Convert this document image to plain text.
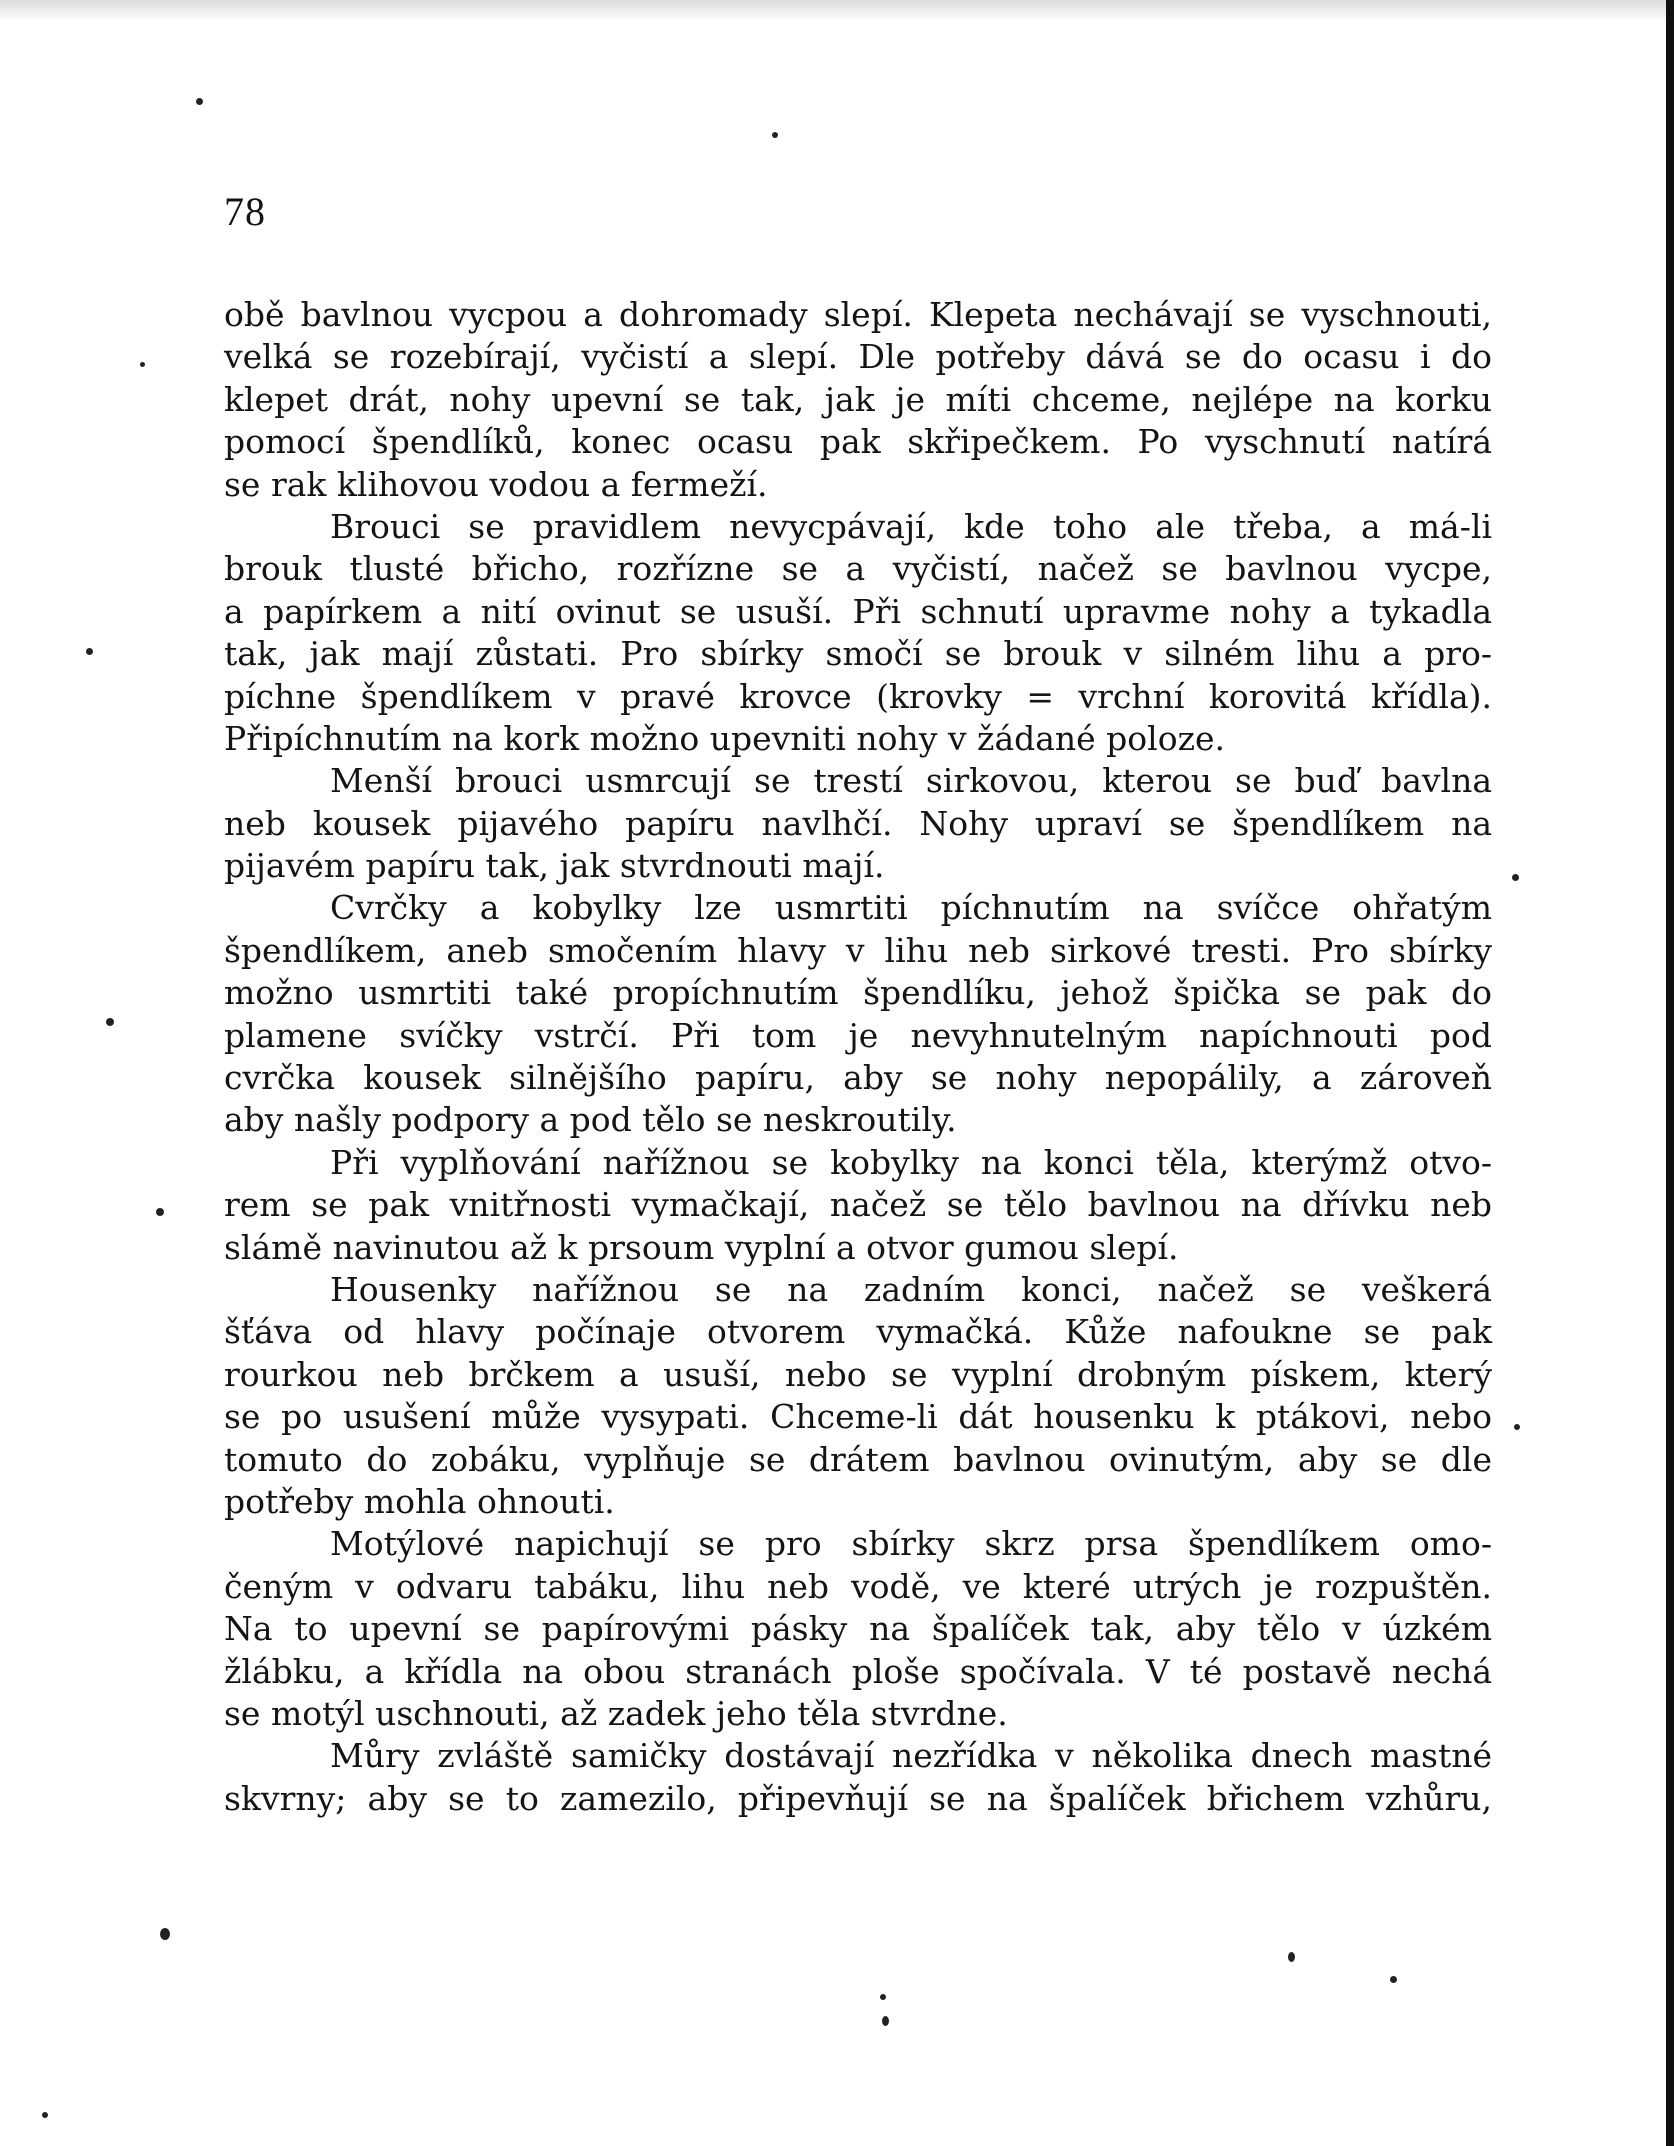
78
obě bavlnou vycpou a dohromady slepí. Klepeta nechávají se vyschnouti,
velká se rozebírají, vyčistí a slepí. Dle potřeby dává se do ocasu i do
klepet drát, nohy upevní se tak, jak je míti chceme, nejlépe na korku
pomocí špendlíků, konec ocasu pak skřipečkem. Po vyschnutí natírá
se rak klihovou vodou a fermeží.
Brouci se pravidlem nevycpávají, kde toho ale třeba, a má-li
brouk tlusté břicho, rozřízne se a vyčistí, načež se bavlnou vycpe,
a papírkem a nití ovinut se usuší. Při schnutí upravme nohy a tykadla
tak, jak mají zůstati. Pro sbírky smočí se brouk v silném lihu a pro-
píchne špendlíkem v pravé krovce (krovky = vrchní korovitá křídla).
Připíchnutím na kork možno upevniti nohy v žádané poloze.
Menší brouci usmrcují se trestí sirkovou, kterou se buď bavlna
neb kousek pijavého papíru navlhčí. Nohy upraví se špendlíkem na
pijavém papíru tak, jak stvrdnouti mají.
Cvrčky a kobylky lze usmrtiti píchnutím na svíčce ohřatým
špendlíkem, aneb smočením hlavy v lihu neb sirkové tresti. Pro sbírky
možno usmrtiti také propíchnutím špendlíku, jehož špička se pak do
plamene svíčky vstrčí. Při tom je nevyhnutelným napíchnouti pod
cvrčka kousek silnějšího papíru, aby se nohy nepopálily, a zároveň
aby našly podpory a pod tělo se neskroutily.
Při vyplňování nařížnou se kobylky na konci těla, kterýmž otvo-
rem se pak vnitřnosti vymačkají, načež se tělo bavlnou na dřívku neb
slámě navinutou až k prsoum vyplní a otvor gumou slepí.
Housenky nařížnou se na zadním konci, načež se veškerá
šťáva od hlavy počínaje otvorem vymačká. Kůže nafoukne se pak
rourkou neb brčkem a usuší, nebo se vyplní drobným pískem, který
se po usušení může vysypati. Chceme-li dát housenku k ptákovi, nebo
tomuto do zobáku, vyplňuje se drátem bavlnou ovinutým, aby se dle
potřeby mohla ohnouti.
Motýlové napichují se pro sbírky skrz prsa špendlíkem omo-
čeným v odvaru tabáku, lihu neb vodě, ve které utrých je rozpuštěn.
Na to upevní se papírovými pásky na špalíček tak, aby tělo v úzkém
žlábku, a křídla na obou stranách ploše spočívala. V té postavě nechá
se motýl uschnouti, až zadek jeho těla stvrdne.
Můry zvláště samičky dostávají nezřídka v několika dnech mastné
skvrny; aby se to zamezilo, připevňují se na špalíček břichem vzhůru,
